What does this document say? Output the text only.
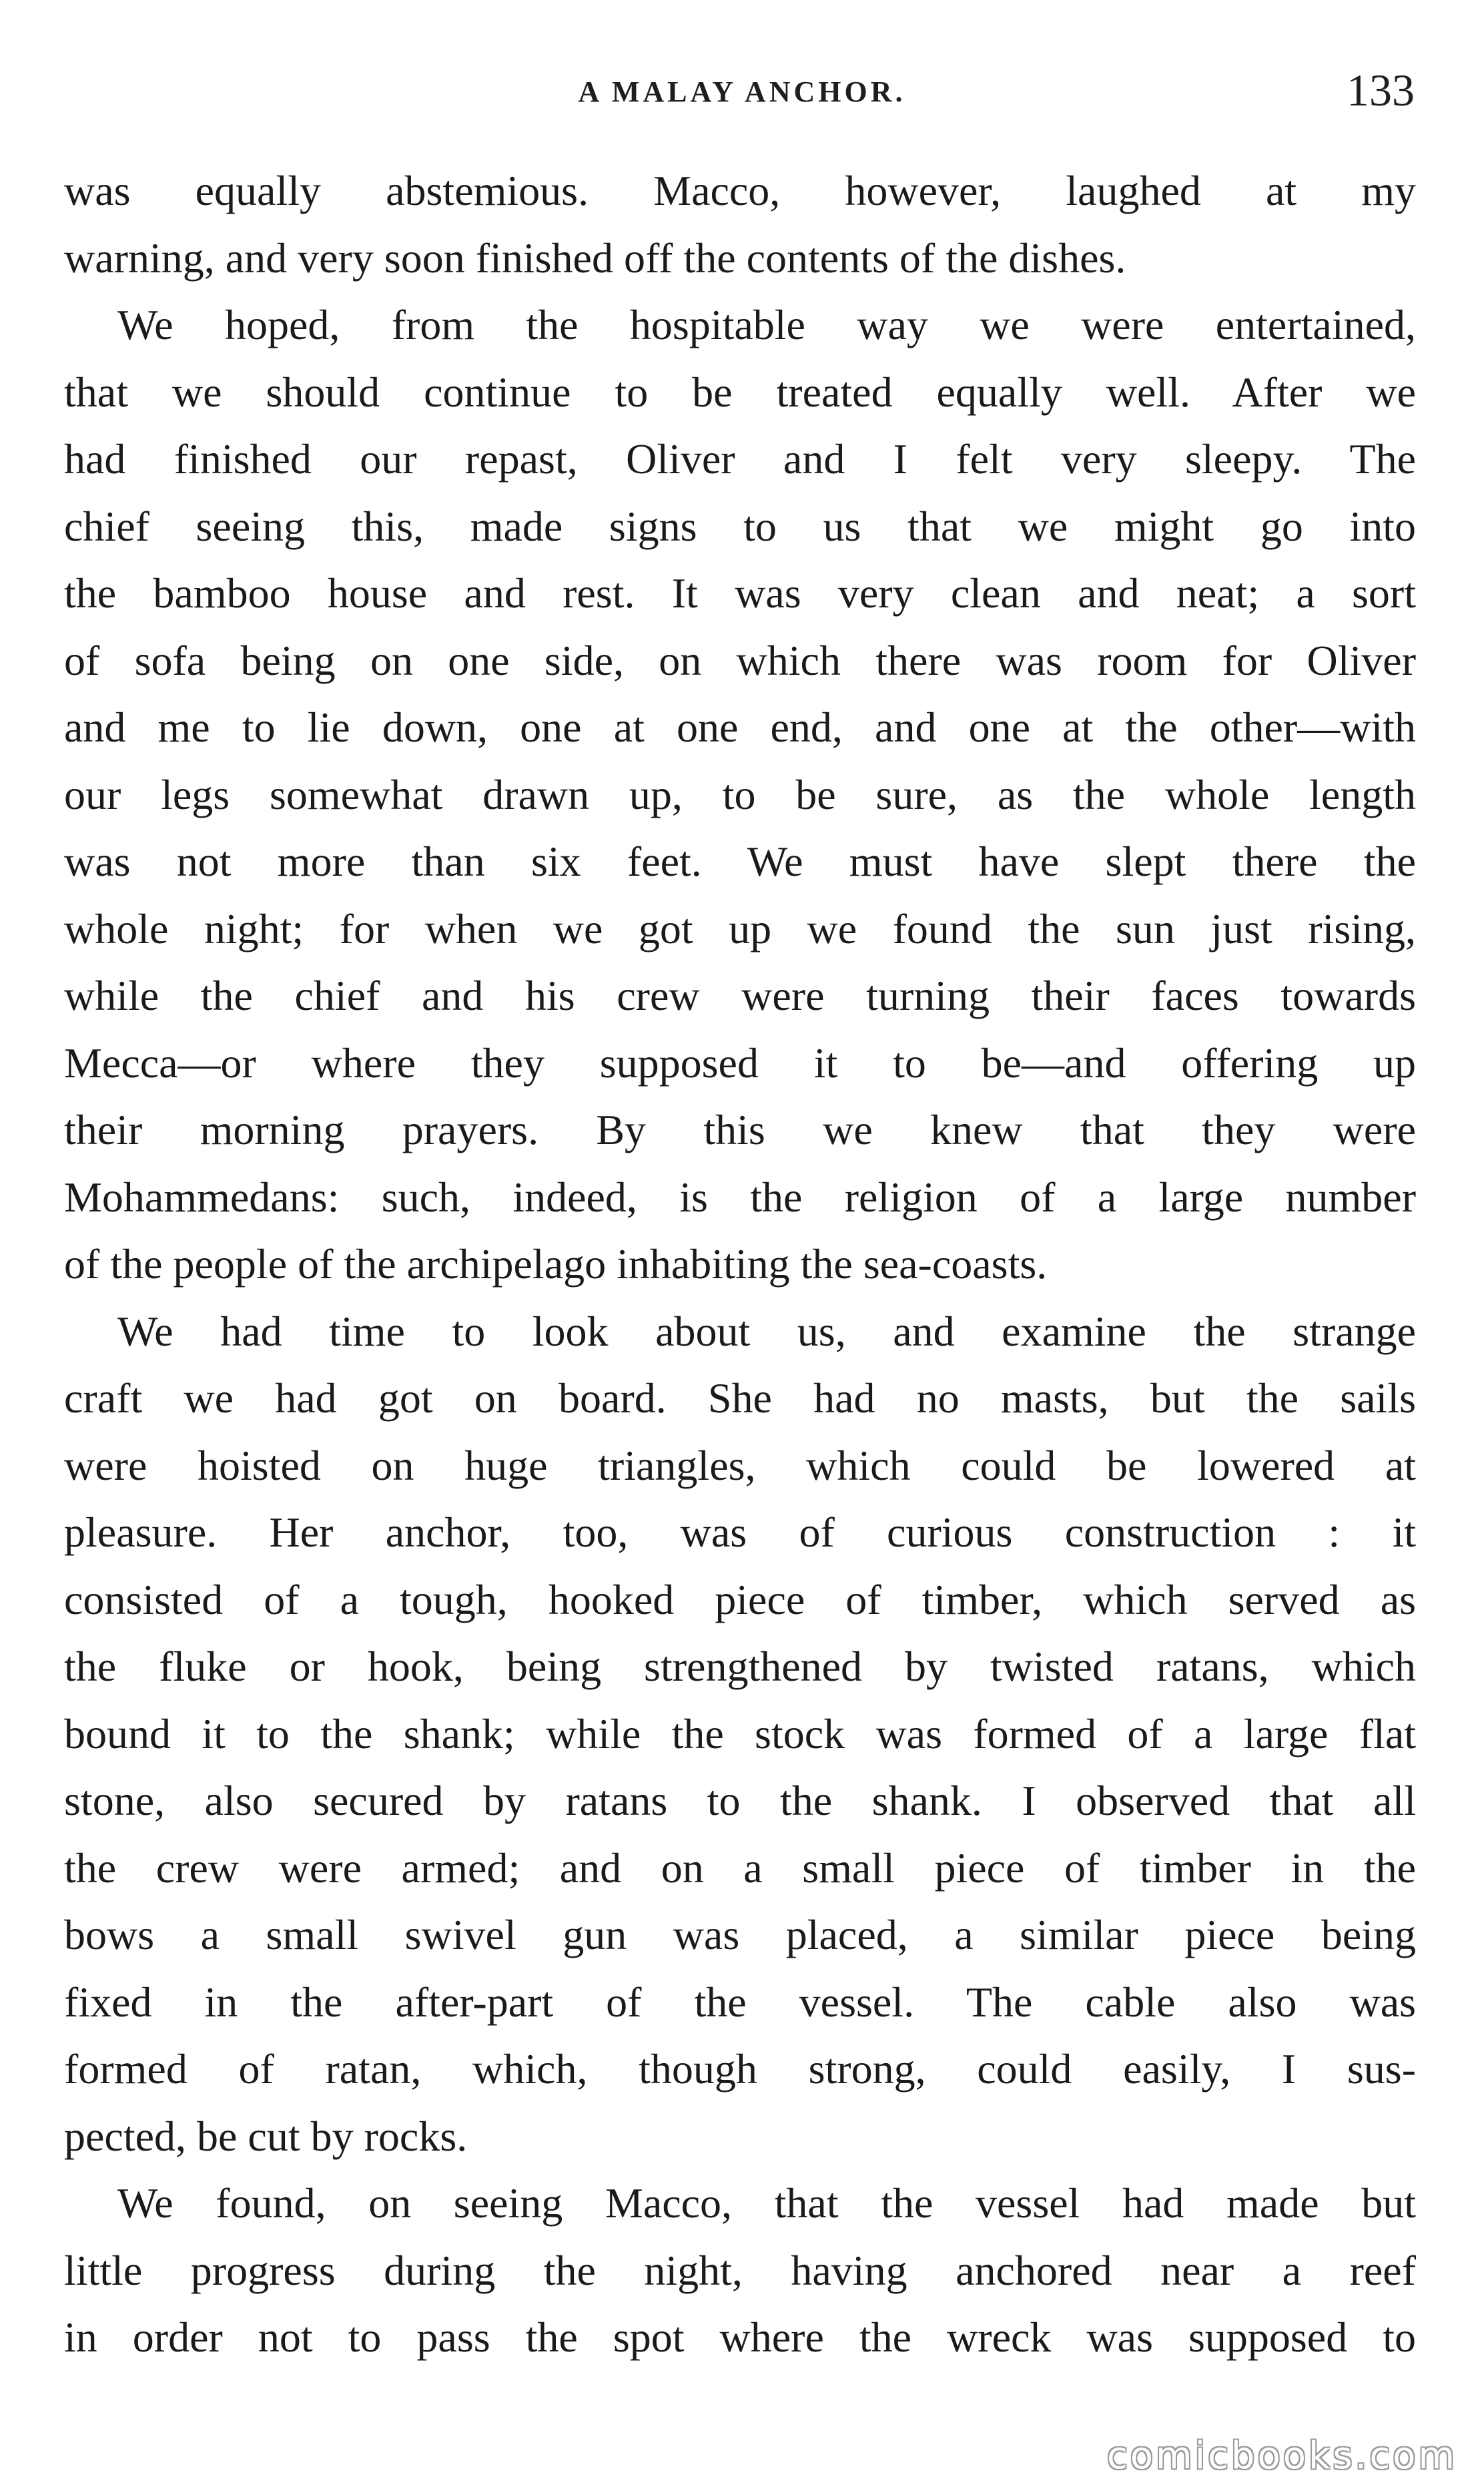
A MALAY ANCHOR.	133
was equally abstemious. Macco, however, laughed at my
warning, and very soon finished off the contents of the dishes.
We hoped, from the hospitable way we were entertained,
that we should continue to be treated equally well. After we
had finished our repast, Oliver and I felt very sleepy. The
chief seeing this, made signs to us that we might go into
the bamboo house and rest. It was very clean and neat; a sort
of sofa being on one side, on which there was room for Oliver
and me to lie down, one at one end, and one at the other—with
our legs somewhat drawn up, to be sure, as the whole length
was not more than six feet. We must have slept there the
whole night; for when we got up we found the sun just rising,
while the chief and his crew were turning their faces towards
Mecca—or where they supposed it to be—and offering up
their morning prayers. By this we knew that they were
Mohammedans: such, indeed, is the religion of a large number
of the people of the archipelago inhabiting the sea-coasts.
We had time to look about us, and examine the strange
craft we had got on board. She had no masts, but the sails
were hoisted on huge triangles, which could be lowered at
pleasure. Her anchor, too, was of curious construction : it
consisted of a tough, hooked piece of timber, which served as
the fluke or hook, being strengthened by twisted ratans, which
bound it to the shank; while the stock was formed of a large flat
stone, also secured by ratans to the shank. I observed that all
the crew were armed; and on a small piece of timber in the
bows a small swivel gun was placed, a similar piece being
fixed in the after-part of the vessel. The cable also was
formed of ratan, which, though strong, could easily, I sus-
pected, be cut by rocks.
We found, on seeing Macco, that the vessel had made but
little progress during the night, having anchored near a reef
in order not to pass the spot where the wreck was supposed to
comicbooks.com
